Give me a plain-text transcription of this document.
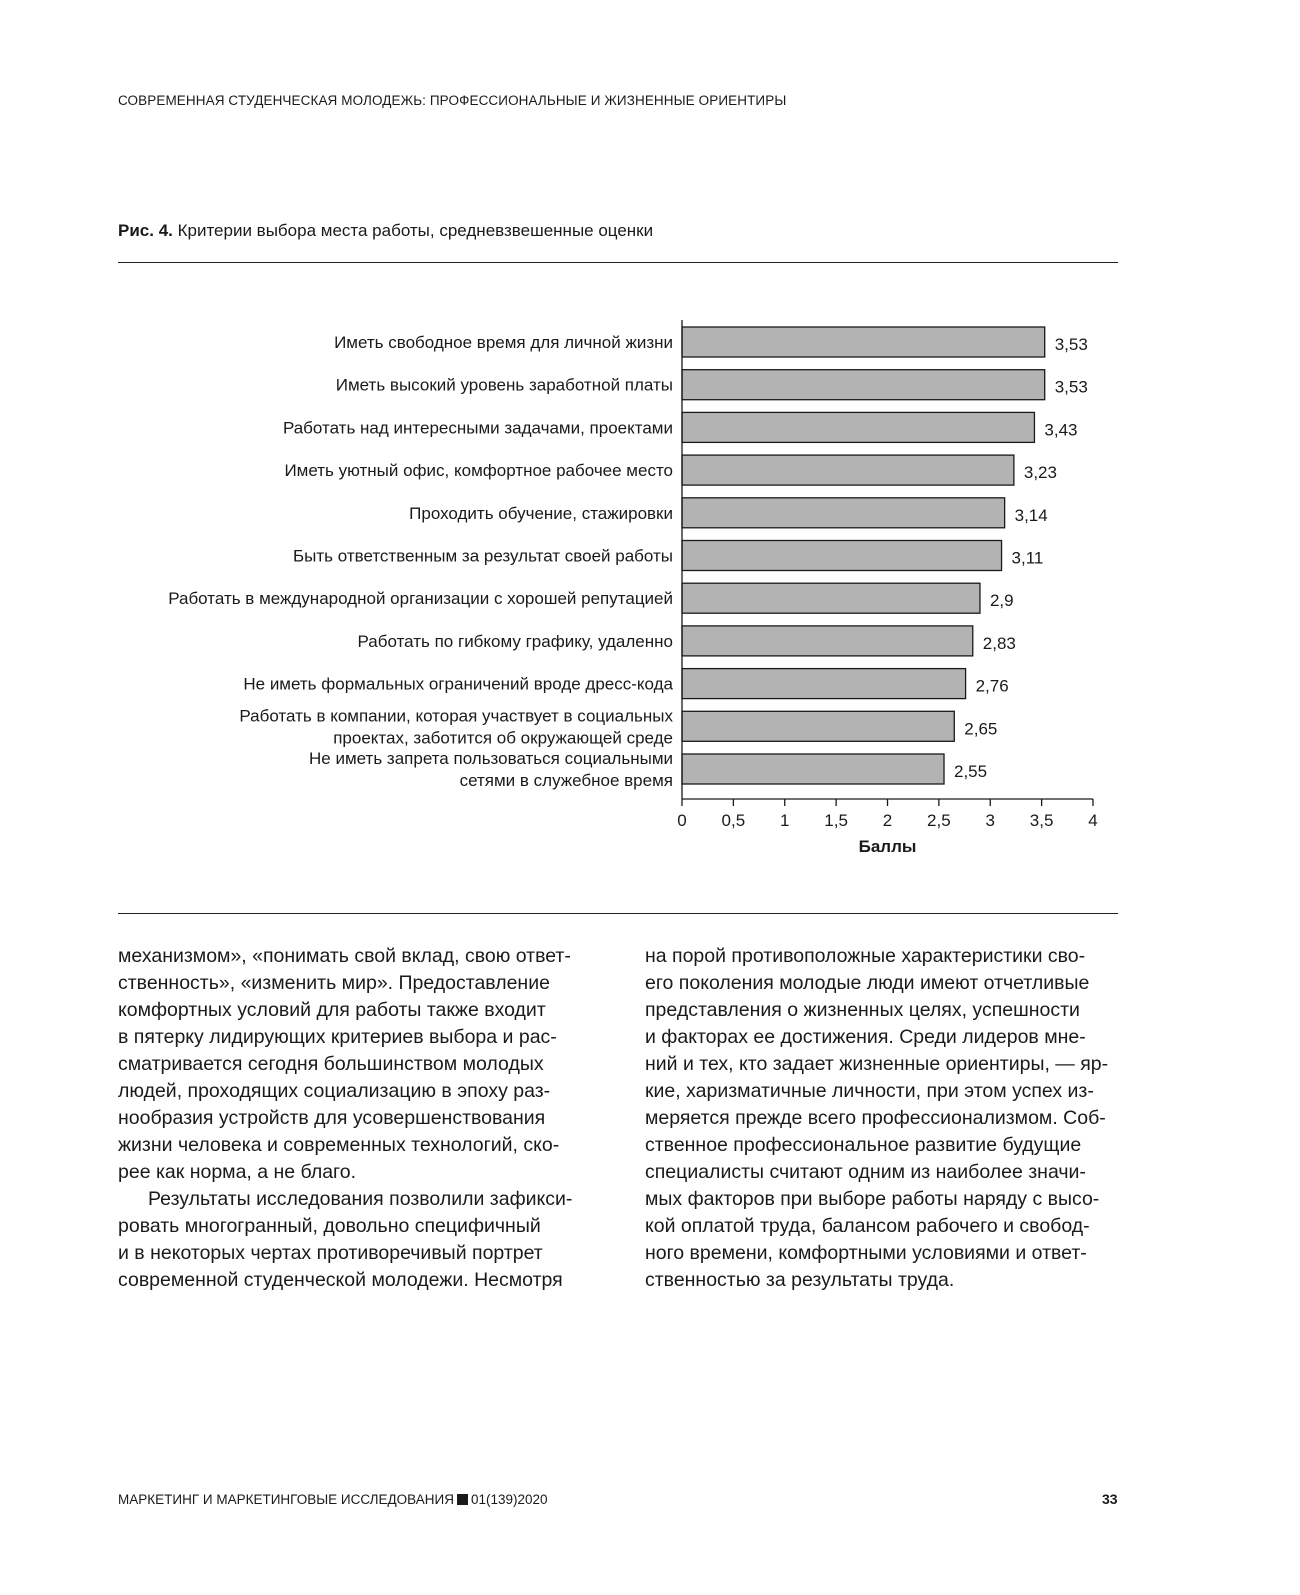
СОВРЕМЕННАЯ СТУДЕНЧЕСКАЯ МОЛОДЕЖЬ: ПРОФЕССИОНАЛЬНЫЕ И ЖИЗНЕННЫЕ ОРИЕНТИРЫ
Рис. 4. Критерии выбора места работы, средневзвешенные оценки
3,53
Иметь свободное время для личной жизни
3,53
Иметь высокий уровень заработной платы
3,43
Работать над интересными задачами, проектами
3,23
Иметь уютный офис, комфортное рабочее место
3,14
Проходить обучение, стажировки
3,11
Быть ответственным за результат своей работы
2,9
Работать в международной организации с хорошей репутацией
2,83
Работать по гибкому графику, удаленно
2,76
Не иметь формальных ограничений вроде дресс-кода
2,65
Работать в компании, которая участвует в социальных
проектах, заботится об окружающей среде
2,55
Не иметь запрета пользоваться социальными
сетями в служебное время
0 0,5 1 1,5 2 2,5 3 3,5 4
Баллы
механизмом», «понимать свой вклад, свою ответ-
ственность», «изменить мир». Предоставление
комфортных условий для работы также входит
в пятерку лидирующих критериев выбора и рас-
сматривается сегодня большинством молодых
людей, проходящих социализацию в эпоху раз-
нообразия устройств для усовершенствования
жизни человека и современных технологий, ско-
рее как норма, а не благо.
Результаты исследования позволили зафикси-
ровать многогранный, довольно специфичный
и в некоторых чертах противоречивый портрет
современной студенческой молодежи. Несмотря
на порой противоположные характеристики сво-
его поколения молодые люди имеют отчетливые
представления о жизненных целях, успешности
и факторах ее достижения. Среди лидеров мне-
ний и тех, кто задает жизненные ориентиры, — яр-
кие, харизматичные личности, при этом успех из-
меряется прежде всего профессионализмом. Соб-
ственное профессиональное развитие будущие
специалисты считают одним из наиболее значи-
мых факторов при выборе работы наряду с высо-
кой оплатой труда, балансом рабочего и свобод-
ного времени, комфортными условиями и ответ-
ственностью за результаты труда.
МАРКЕТИНГ И МАРКЕТИНГОВЫЕ ИССЛЕДОВАНИЯ 01(139)2020	33
